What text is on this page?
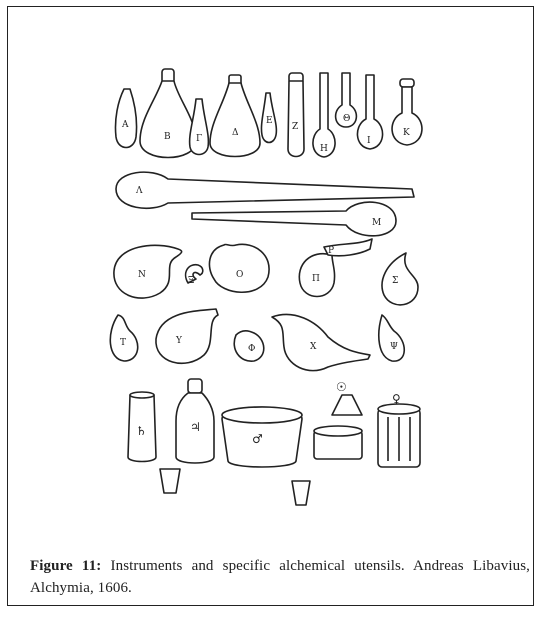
Α
Β	Γ
Δ
Ε
Ζ
Η
Θ
Ι
Κ
Λ
Μ
Ν
Ξ
Ο	Π
Ρ
Σ
Τ	Υ
Φ	Χ	Ψ
♄	♃
♂
☉
♀
Figure 11: Instruments and specific alchemical utensils. Andreas Libavius, Alchymia, 1606.
